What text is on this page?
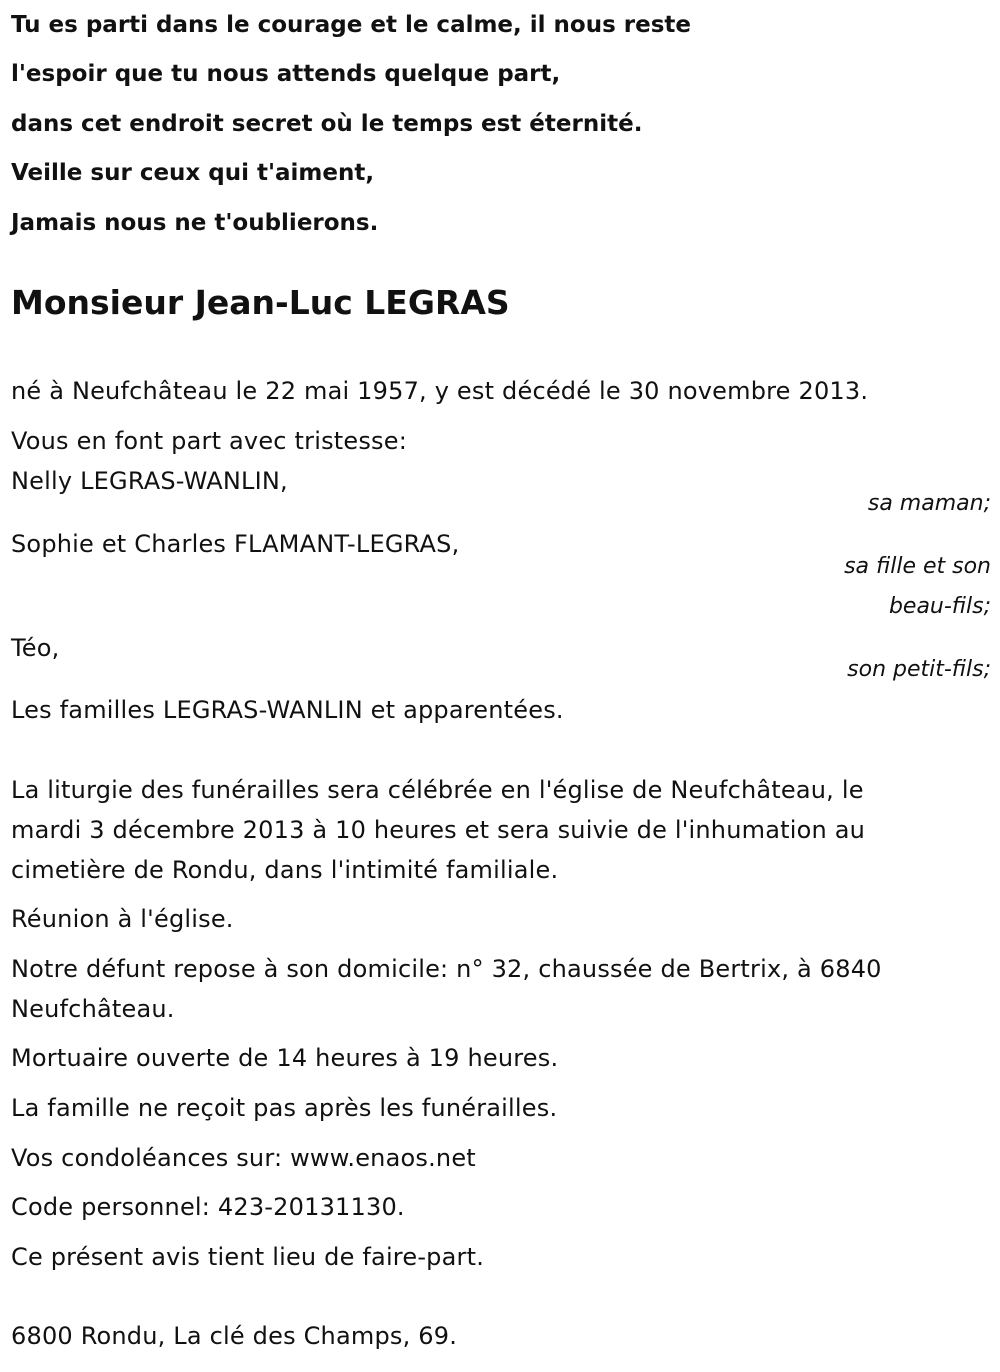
Tu es parti dans le courage et le calme, il nous reste
l'espoir que tu nous attends quelque part,
dans cet endroit secret où le temps est éternité.
Veille sur ceux qui t'aiment,
Jamais nous ne t'oublierons.
Monsieur Jean-Luc LEGRAS
né à Neufchâteau le 22 mai 1957, y est décédé le 30 novembre 2013.
Vous en font part avec tristesse:
Nelly LEGRAS-WANLIN,
sa maman;
Sophie et Charles FLAMANT-LEGRAS,
sa fille et son
beau-fils;
Téo,
son petit-fils;
Les familles LEGRAS-WANLIN et apparentées.
La liturgie des funérailles sera célébrée en l'église de Neufchâteau, le
mardi 3 décembre 2013 à 10 heures et sera suivie de l'inhumation au
cimetière de Rondu, dans l'intimité familiale.
Réunion à l'église.
Notre défunt repose à son domicile: n° 32, chaussée de Bertrix, à 6840
Neufchâteau.
Mortuaire ouverte de 14 heures à 19 heures.
La famille ne reçoit pas après les funérailles.
Vos condoléances sur: www.enaos.net
Code personnel: 423-20131130.
Ce présent avis tient lieu de faire-part.
6800 Rondu, La clé des Champs, 69.
